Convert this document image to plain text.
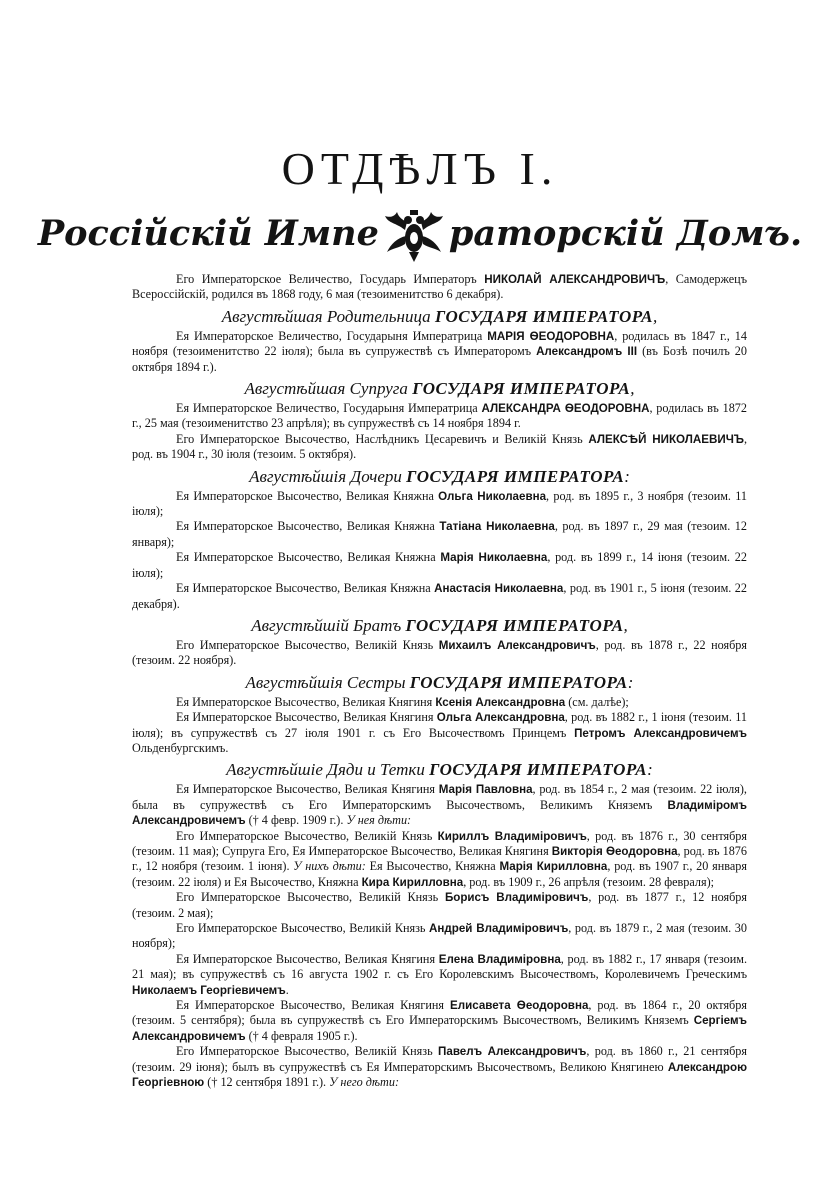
ОТДѢЛЪ I.
Россійскій Импе раторскій Домъ.

Его Императорское Величество, Государь Императоръ НИКОЛАЙ АЛЕКСАНДРОВИЧЪ, Самодержецъ Всероссійскій, родился въ 1868 году, 6 мая (тезоименитство 6 декабря).

Августѣйшая Родительница ГОСУДАРЯ ИМПЕРАТОРА,

Ея Императорское Величество, Государыня Императрица МАРІЯ ѲЕОДОРОВНА, родилась въ 1847 г., 14 ноября (тезоименитство 22 іюля); была въ супружествѣ съ Императоромъ Александромъ III (въ Бозѣ почилъ 20 октября 1894 г.).

Августѣйшая Супруга ГОСУДАРЯ ИМПЕРАТОРА,

Ея Императорское Величество, Государыня Императрица АЛЕКСАНДРА ѲЕОДОРОВНА, родилась въ 1872 г., 25 мая (тезоименитство 23 апрѣля); въ супружествѣ съ 14 ноября 1894 г.

Его Императорское Высочество, Наслѣдникъ Цесаревичъ и Великій Князь АЛЕКСѢЙ НИКОЛАЕВИЧЪ, род. въ 1904 г., 30 іюля (тезоим. 5 октября).

Августѣйшія Дочери ГОСУДАРЯ ИМПЕРАТОРА:

Ея Императорское Высочество, Великая Княжна Ольга Николаевна, род. въ 1895 г., 3 ноября (тезоим. 11 іюля);

Ея Императорское Высочество, Великая Княжна Татіана Николаевна, род. въ 1897 г., 29 мая (тезоим. 12 января);

Ея Императорское Высочество, Великая Княжна Марія Николаевна, род. въ 1899 г., 14 іюня (тезоим. 22 іюля);

Ея Императорское Высочество, Великая Княжна Анастасія Николаевна, род. въ 1901 г., 5 іюня (тезоим. 22 декабря).

Августѣйшій Братъ ГОСУДАРЯ ИМПЕРАТОРА,

Его Императорское Высочество, Великій Князь Михаилъ Александровичъ, род. въ 1878 г., 22 ноября (тезоим. 22 ноября).

Августѣйшія Сестры ГОСУДАРЯ ИМПЕРАТОРА:

Ея Императорское Высочество, Великая Княгиня Ксенія Александровна (см. далѣе);

Ея Императорское Высочество, Великая Княгиня Ольга Александровна, род. въ 1882 г., 1 іюня (тезоим. 11 іюля); въ супружествѣ съ 27 іюля 1901 г. съ Его Высочествомъ Принцемъ Петромъ Александровичемъ Ольденбургскимъ.

Августѣйшіе Дяди и Тетки ГОСУДАРЯ ИМПЕРАТОРА:

Ея Императорское Высочество, Великая Княгиня Марія Павловна, род. въ 1854 г., 2 мая (тезоим. 22 іюля), была въ супружествѣ съ Его Императорскимъ Высочествомъ, Великимъ Княземъ Владиміромъ Александровичемъ († 4 февр. 1909 г.). У нея дѣти:

Его Императорское Высочество, Великій Князь Кириллъ Владиміровичъ, род. въ 1876 г., 30 сентября (тезоим. 11 мая); Супруга Его, Ея Императорское Высочество, Великая Княгиня Викторія Ѳеодоровна, род. въ 1876 г., 12 ноября (тезоим. 1 іюня). У нихъ дѣти: Ея Высочество, Княжна Марія Кирилловна, род. въ 1907 г., 20 января (тезоим. 22 іюля) и Ея Высочество, Княжна Кира Кирилловна, род. въ 1909 г., 26 апрѣля (тезоим. 28 февраля);

Его Императорское Высочество, Великій Князь Борисъ Владиміровичъ, род. въ 1877 г., 12 ноября (тезоим. 2 мая);

Его Императорское Высочество, Великій Князь Андрей Владиміровичъ, род. въ 1879 г., 2 мая (тезоим. 30 ноября);

Ея Императорское Высочество, Великая Княгиня Елена Владиміровна, род. въ 1882 г., 17 января (тезоим. 21 мая); въ супружествѣ съ 16 августа 1902 г. съ Его Королевскимъ Высочествомъ, Королевичемъ Греческимъ Николаемъ Георгіевичемъ.

Ея Императорское Высочество, Великая Княгиня Елисавета Ѳеодоровна, род. въ 1864 г., 20 октября (тезоим. 5 сентября); была въ супружествѣ съ Его Императорскимъ Высочествомъ, Великимъ Княземъ Сергіемъ Александровичемъ († 4 февраля 1905 г.).

Его Императорское Высочество, Великій Князь Павелъ Александровичъ, род. въ 1860 г., 21 сентября (тезоим. 29 іюня); былъ въ супружествѣ съ Ея Императорскимъ Высочествомъ, Великою Княгинею Александрою Георгіевною († 12 сентября 1891 г.). У него дѣти:
